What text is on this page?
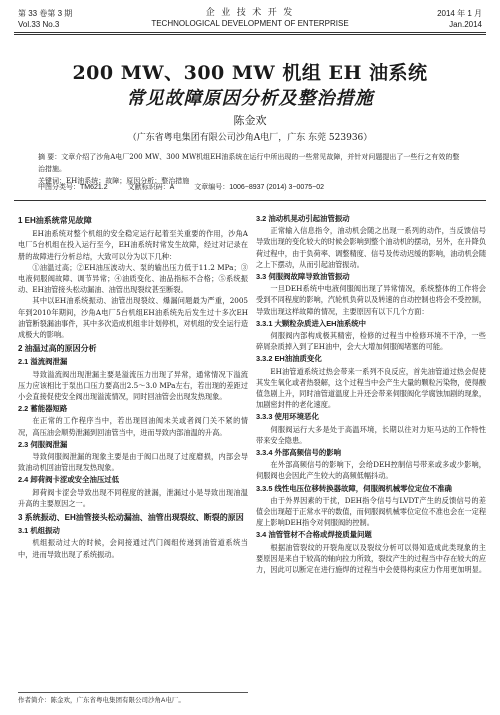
第 33 卷第 3 期
Vol.33 No.3
企 业 技 术 开 发
TECHNOLOGICAL DEVELOPMENT OF ENTERPRISE
2014 年 1 月
Jan.2014
200 MW、300 MW 机组 EH 油系统
常见故障原因分析及整治措施
陈金欢
（广东省粤电集团有限公司沙角A电厂，广东 东莞 523936）
摘 要：文章介绍了沙角A电厂200 MW、300 MW机组EH油系统在运行中所出现的一些常见故障，并针对问题提出了一些行之有效的整治措施。
关键词：EH油系统；故障；原因分析；整治措施
中图分类号：TM621.2	文献标识码：A	文章编号：1006−8937 (2014) 3−0075−02
1 EH油系统常见故障
EH油系统对整个机组的安全稳定运行起着至关重要的作用，沙角A电厂5台机组在投入运行至今，EH油系统时常发生故障，经过对记录在册的故障进行分析总结，大致可以分为以下几种：
①油温过高；②EH油压波动大、泵的输出压力低于11.2 MPa；③电液伺服阀故障、调节异常；④油质变化、油品指标不合格；⑤系统振动、EH油管接头松动漏油、油管出现裂纹甚至断裂。
其中以EH油系统振动、油管出现裂纹、爆漏问题最为严重，2005年到2010年期间，沙角A电厂5台机组EH油系统先后发生过十多次EH油管断裂漏油事件，其中多次造成机组非计划停机，对机组的安全运行造成极大的影响。
2 油温过高的原因分析
2.1 溢流阀泄漏
导致溢流阀出现泄漏主要是溢流压力出现了异常，通常情况下溢流压力应该相比于泵出口压力要高出2.5～3.0 MPa左右，若出现的差距过小会直接促使安全阀出现溢流情况，同时回油管会出现发热现象。
2.2 蓄能器短路
在正常的工作程序当中，若出现回油阀未关或者阀门关不紧的情况，高压油会顺势泄漏到回油管当中，进而导致内部油温的升高。
2.3 伺服阀泄漏
导致伺服阀泄漏的现象主要是由于阀口出现了过度磨损，内部会导致油动机回油管出现发热现象。
2.4 卸荷阀卡涩或安全油压过低
卸荷阀卡涩会导致出现不同程度的泄漏，泄漏过小是导致出现油温升高的主要原因之一。
3 系统振动、EH油管接头松动漏油、油管出现裂纹、断裂的原因
3.1 机组振动
机组振动过大的时候，会间接通过汽门阀组传递到油管道系统当中，进而导致出现了系统振动。
3.2 油动机晃动引起油管振动
正常输入信息指令，油动机会随之出现一系列的动作，当反馈信号导致出现的变化较大的时候会影响到整个油动机的摆动，另外，在升降负荷过程中，由于负荷率、调整精度、信号及传动迟缓的影响，油动机会随之上下摆动，从而引起油管振动。
3.3 伺服阀故障导致油管振动
一旦DEH系统中电液伺服阀出现了异常情况，系统整体的工作将会受到不同程度的影响，汽轮机负荷以及转速的自动控制也将会不受控制，导致出现这样故障的情况，主要原因有以下几个方面：
3.3.1 大颗粒杂质进入EH油系统中
伺服阀内部构成极其精密，检修的过程当中检修环境不干净，一些碎屑杂质掉入到了EH油中，会大大增加伺服阀堵塞的可能。
3.3.2 EH油油质变化
EH油管道系统过热会带来一系列不良反应，首先油管道过热会促使其发生氧化或者热裂解，这个过程当中会产生大量的颗粒污染物，使得酸值急剧上升，同时油管道温度上升还会带来伺服阀化学腐蚀加剧的现象，加剧密封件的老化速度。
3.3.3 使用环境恶化
伺服阀运行大多是处于高温环境，长期以往对力矩马达的工作特性带来安全隐患。
3.3.4 外部高频信号的影响
在外部高频信号的影响下，会给DEH控制信号带来或多或少影响，伺服阀也会因此产生较大的高频低幅抖动。
3.3.5 线性电压位移转换器故障，伺服阀机械零位定位不准确
由于外界因素的干扰，DEH指令信号与LVDT产生的反馈信号的差值会出现超于正常水平的数值，而伺服阀机械零位定位不准也会在一定程度上影响DEH指令对伺服阀的控制。
3.4 油管管材不合格或焊接质量问题
根据油管裂纹的开裂角度以及裂纹分析可以得知造成此类现象的主要原因是来自于较高的轴向拉力所致，裂纹产生的过程当中存在较大的应力，因此可以断定在进行施焊的过程当中会使得构束应力作用更加明显。
作者简介：陈金欢，广东省粤电集团有限公司沙角A电厂。
